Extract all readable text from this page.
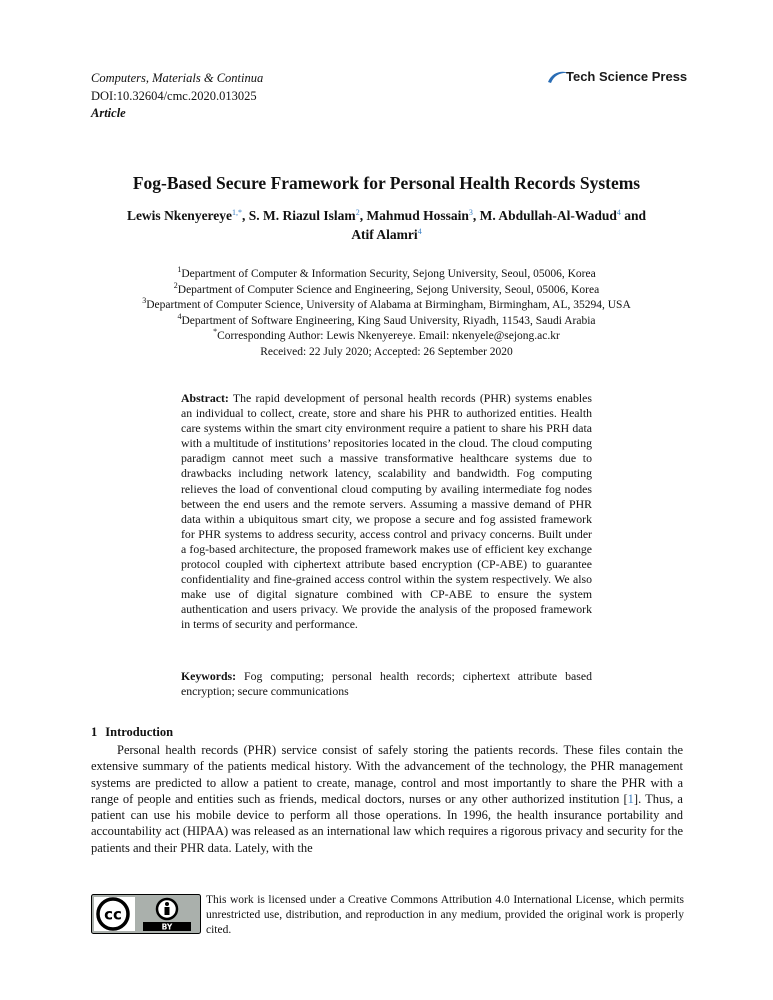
Computers, Materials & Continua
DOI:10.32604/cmc.2020.013025
Article
Tech Science Press
Fog-Based Secure Framework for Personal Health Records Systems
Lewis Nkenyereye$^{1,*}$, S. M. Riazul Islam$^2$, Mahmud Hossain$^3$, M. Abdullah-Al-Wadud$^4$ and
Atif Alamri$^4$
$^1$Department of Computer & Information Security, Sejong University, Seoul, 05006, Korea
$^2$Department of Computer Science and Engineering, Sejong University, Seoul, 05006, Korea
$^3$Department of Computer Science, University of Alabama at Birmingham, Birmingham, AL, 35294, USA
$^4$Department of Software Engineering, King Saud University, Riyadh, 11543, Saudi Arabia
*Corresponding Author: Lewis Nkenyereye. Email: nkenyele@sejong.ac.kr
Received: 22 July 2020; Accepted: 26 September 2020
Abstract: The rapid development of personal health records (PHR) systems enables an individual to collect, create, store and share his PHR to authorized entities. Health care systems within the smart city environment require a patient to share his PRH data with a multitude of institutions’ repositories located in the cloud. The cloud computing paradigm cannot meet such a massive transformative healthcare systems due to drawbacks including network latency, scalability and bandwidth. Fog computing relieves the load of conventional cloud computing by availing intermediate fog nodes between the end users and the remote servers. Assuming a massive demand of PHR data within a ubiquitous smart city, we propose a secure and fog assisted framework for PHR systems to address security, access control and privacy concerns. Built under a fog-based architecture, the proposed framework makes use of efficient key exchange protocol coupled with ciphertext attribute based encryption (CP-ABE) to guarantee confidentiality and fine-grained access control within the system respectively. We also make use of digital signature combined with CP-ABE to ensure the system authentication and users privacy. We provide the analysis of the proposed framework in terms of security and performance.
Keywords: Fog computing; personal health records; ciphertext attribute based encryption; secure communications
1 Introduction
Personal health records (PHR) service consist of safely storing the patients records. These files contain the extensive summary of the patients medical history. With the advancement of the technology, the PHR management systems are predicted to allow a patient to create, manage, control and most importantly to share the PHR with a range of people and entities such as friends, medical doctors, nurses or any other authorized institution [1]. Thus, a patient can use his mobile device to perform all those operations. In 1996, the health insurance portability and accountability act (HIPAA) was released as an international law which requires a rigorous privacy and security for the patients and their PHR data. Lately, with the
cc
BY
This work is licensed under a Creative Commons Attribution 4.0 International License, which permits unrestricted use, distribution, and reproduction in any medium, provided the original work is properly cited.
